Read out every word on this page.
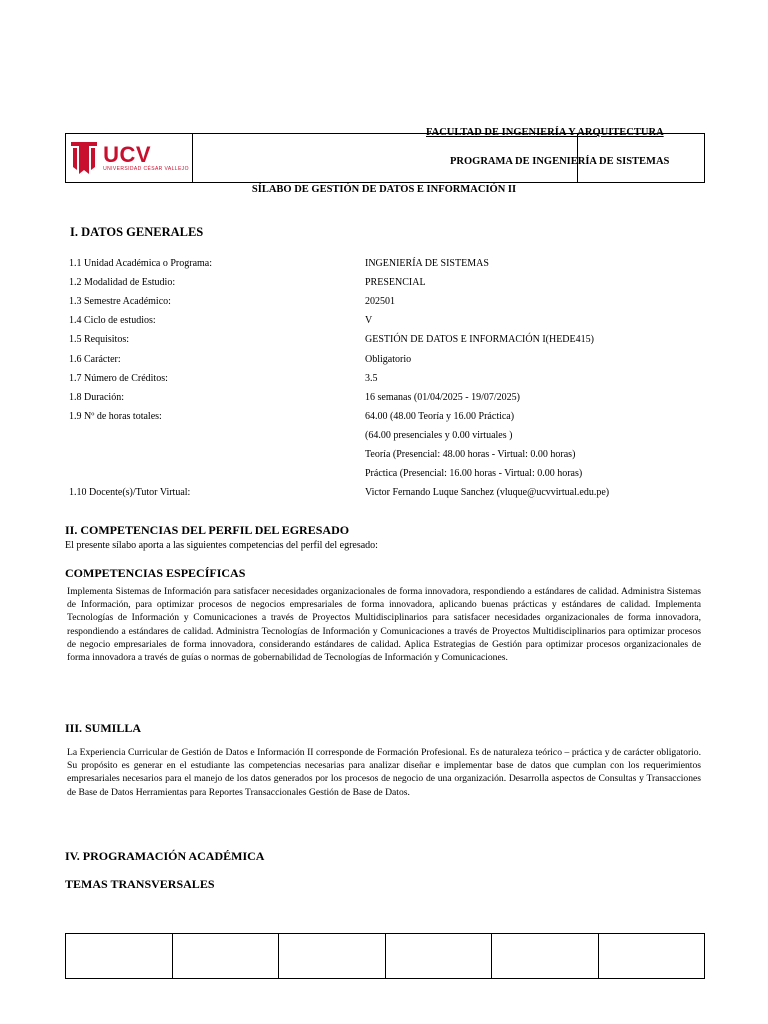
UCV
UNIVERSIDAD CÉSAR VALLEJO
FACULTAD DE INGENIERÍA Y ARQUITECTURA
PROGRAMA DE INGENIERÍA DE SISTEMAS
SÍLABO DE GESTIÓN DE DATOS E INFORMACIÓN II
I. DATOS GENERALES
1.1 Unidad Académica o Programa:	INGENIERÍA DE SISTEMAS
1.2 Modalidad de Estudio:	PRESENCIAL
1.3 Semestre Académico:	202501
1.4 Ciclo de estudios:	V
1.5 Requisitos:	GESTIÓN DE DATOS E INFORMACIÓN I(HEDE415)
1.6 Carácter:	Obligatorio
1.7 Número de Créditos:	3.5
1.8 Duración:	16 semanas (01/04/2025 - 19/07/2025)
1.9 Nº de horas totales:	64.00 (48.00 Teoría y 16.00 Práctica)
(64.00 presenciales y 0.00 virtuales )
Teoría (Presencial: 48.00 horas - Virtual: 0.00 horas)
Práctica (Presencial: 16.00 horas - Virtual: 0.00 horas)
1.10 Docente(s)/Tutor Virtual:	Victor Fernando Luque Sanchez (vluque@ucvvirtual.edu.pe)
II. COMPETENCIAS DEL PERFIL DEL EGRESADO
El presente sílabo aporta a las siguientes competencias del perfil del egresado:
COMPETENCIAS ESPECÍFICAS
Implementa Sistemas de Información para satisfacer necesidades organizacionales de forma innovadora, respondiendo a estándares de calidad. Administra Sistemas de Información, para optimizar procesos de negocios empresariales de forma innovadora, aplicando buenas prácticas y estándares de calidad. Implementa Tecnologías de Información y Comunicaciones a través de Proyectos Multidisciplinarios para satisfacer necesidades organizacionales de forma innovadora, respondiendo a estándares de calidad. Administra Tecnologías de Información y Comunicaciones a través de Proyectos Multidisciplinarios para optimizar procesos de negocio empresariales de forma innovadora, considerando estándares de calidad. Aplica Estrategias de Gestión para optimizar procesos organizacionales de forma innovadora a través de guías o normas de gobernabilidad de Tecnologías de Información y Comunicaciones.
III. SUMILLA
La Experiencia Curricular de Gestión de Datos e Información II corresponde de Formación Profesional. Es de naturaleza teórico – práctica y de carácter obligatorio. Su propósito es generar en el estudiante las competencias necesarias para analizar diseñar e implementar base de datos que cumplan con los requerimientos empresariales necesarios para el manejo de los datos generados por los procesos de negocio de una organización. Desarrolla aspectos de Consultas y Transacciones de Base de Datos Herramientas para Reportes Transaccionales Gestión de Base de Datos.
IV. PROGRAMACIÓN ACADÉMICA
TEMAS TRANSVERSALES
